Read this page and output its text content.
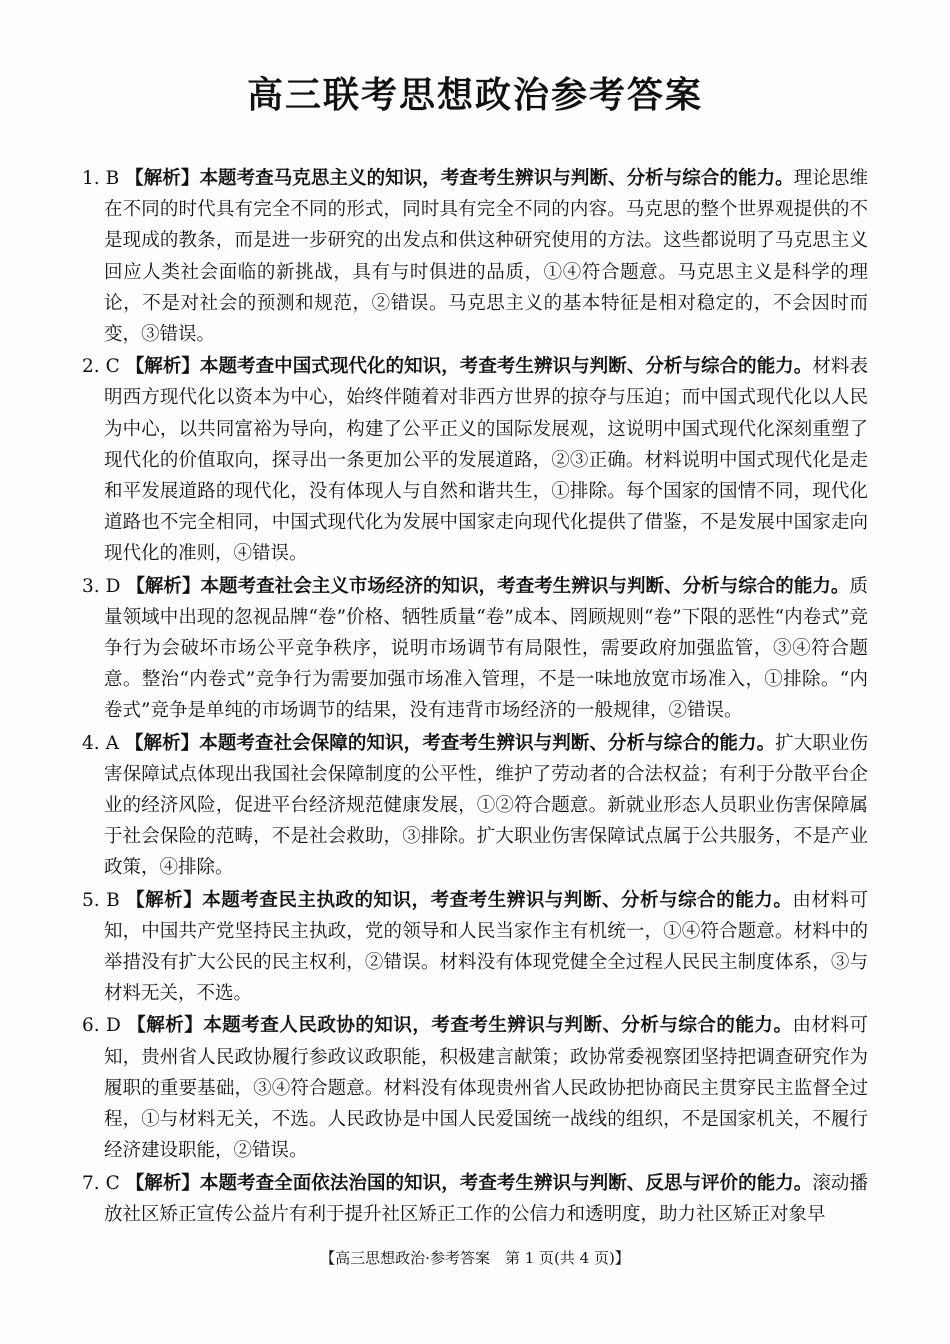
高三联考思想政治参考答案

1. B 【解析】本题考查马克思主义的知识，考查考生辨识与判断、分析与综合的能力。理论思维在不同的时代具有完全不同的形式，同时具有完全不同的内容。马克思的整个世界观提供的不是现成的教条，而是进一步研究的出发点和供这种研究使用的方法。这些都说明了马克思主义回应人类社会面临的新挑战，具有与时俱进的品质，①④符合题意。马克思主义是科学的理论，不是对社会的预测和规范，②错误。马克思主义的基本特征是相对稳定的，不会因时而变，③错误。

2. C 【解析】本题考查中国式现代化的知识，考查考生辨识与判断、分析与综合的能力。材料表明西方现代化以资本为中心，始终伴随着对非西方世界的掠夺与压迫；而中国式现代化以人民为中心，以共同富裕为导向，构建了公平正义的国际发展观，这说明中国式现代化深刻重塑了现代化的价值取向，探寻出一条更加公平的发展道路，②③正确。材料说明中国式现代化是走和平发展道路的现代化，没有体现人与自然和谐共生，①排除。每个国家的国情不同，现代化道路也不完全相同，中国式现代化为发展中国家走向现代化提供了借鉴，不是发展中国家走向现代化的准则，④错误。

3. D 【解析】本题考查社会主义市场经济的知识，考查考生辨识与判断、分析与综合的能力。质量领域中出现的忽视品牌“卷”价格、牺牲质量“卷”成本、罔顾规则“卷”下限的恶性“内卷式”竞争行为会破坏市场公平竞争秩序，说明市场调节有局限性，需要政府加强监管，③④符合题意。整治“内卷式”竞争行为需要加强市场准入管理，不是一味地放宽市场准入，①排除。“内卷式”竞争是单纯的市场调节的结果，没有违背市场经济的一般规律，②错误。

4. A 【解析】本题考查社会保障的知识，考查考生辨识与判断、分析与综合的能力。扩大职业伤害保障试点体现出我国社会保障制度的公平性，维护了劳动者的合法权益；有利于分散平台企业的经济风险，促进平台经济规范健康发展，①②符合题意。新就业形态人员职业伤害保障属于社会保险的范畴，不是社会救助，③排除。扩大职业伤害保障试点属于公共服务，不是产业政策，④排除。

5. B 【解析】本题考查民主执政的知识，考查考生辨识与判断、分析与综合的能力。由材料可知，中国共产党坚持民主执政，党的领导和人民当家作主有机统一，①④符合题意。材料中的举措没有扩大公民的民主权利，②错误。材料没有体现党健全全过程人民民主制度体系，③与材料无关，不选。

6. D 【解析】本题考查人民政协的知识，考查考生辨识与判断、分析与综合的能力。由材料可知，贵州省人民政协履行参政议政职能，积极建言献策；政协常委视察团坚持把调查研究作为履职的重要基础，③④符合题意。材料没有体现贵州省人民政协把协商民主贯穿民主监督全过程，①与材料无关，不选。人民政协是中国人民爱国统一战线的组织，不是国家机关，不履行经济建设职能，②错误。

7. C 【解析】本题考查全面依法治国的知识，考查考生辨识与判断、反思与评价的能力。滚动播放社区矫正宣传公益片有利于提升社区矫正工作的公信力和透明度，助力社区矫正对象早

【高三思想政治·参考答案　第 1 页(共 4 页)】
